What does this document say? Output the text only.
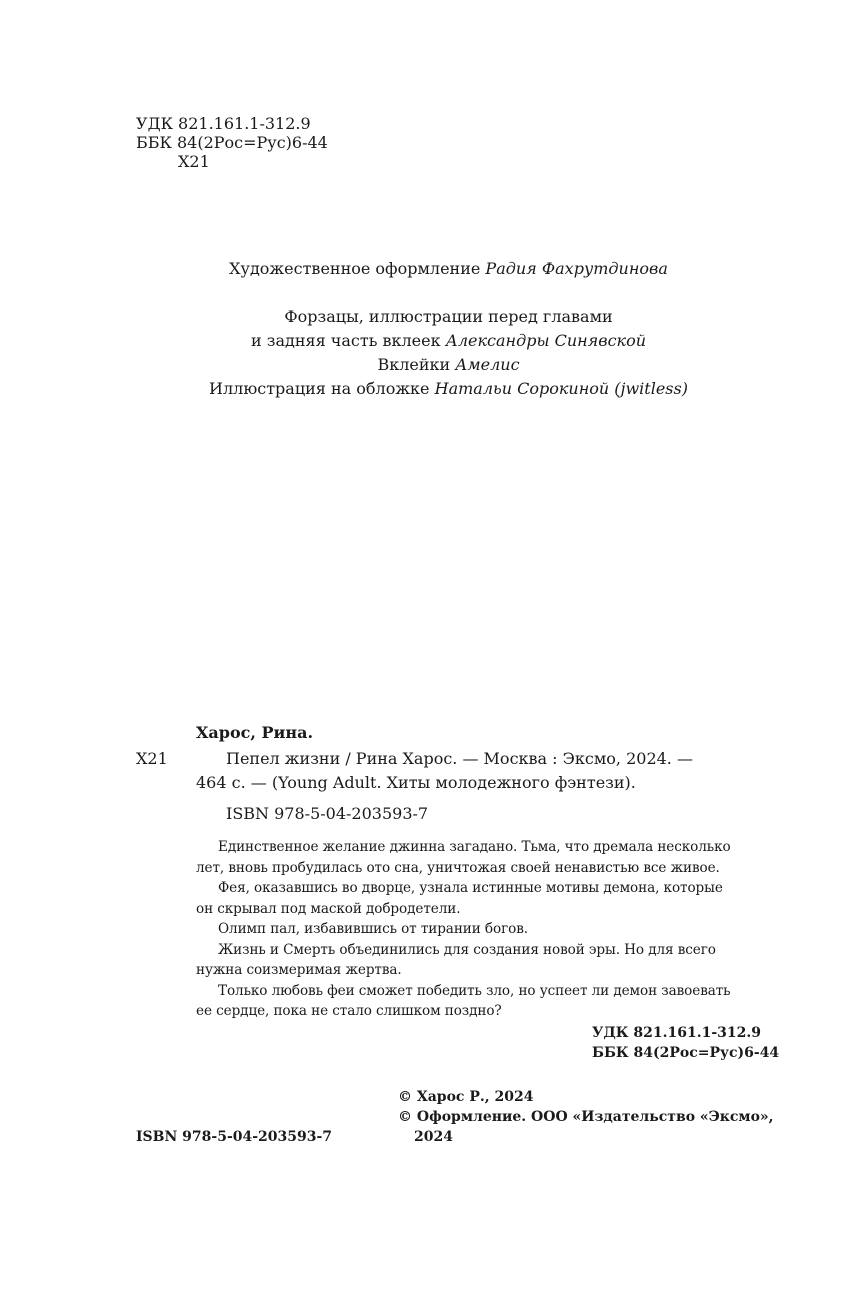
УДК 821.161.1-312.9
ББК 84(2Рос=Рус)6-44
Х21
Художественное оформление Радия Фахрутдинова
Форзацы, иллюстрации перед главами
и задняя часть вклеек Александры Синявской
Вклейки Амелис
Иллюстрация на обложке Натальи Сорокиной (jwitless)
Харос, Рина.
Х21	Пепел жизни / Рина Харос. — Москва : Эксмо, 2024. —
464 с. — (Young Adult. Хиты молодежного фэнтези).
ISBN 978-5-04-203593-7

Единственное желание джинна загадано. Тьма, что дремала несколько

лет, вновь пробудилась ото сна, уничтожая своей ненавистью все живое.

Фея, оказавшись во дворце, узнала истинные мотивы демона, которые

он скрывал под маской добродетели.

Олимп пал, избавившись от тирании богов.

Жизнь и Смерть объединились для создания новой эры. Но для всего

нужна соизмеримая жертва.

Только любовь феи сможет победить зло, но успеет ли демон завоевать

ее сердце, пока не стало слишком поздно?

УДК 821.161.1-312.9
ББК 84(2Рос=Рус)6-44
ISBN 978-5-04-203593-7
© Харос Р., 2024
© Оформление. ООО «Издательство «Эксмо»,
2024
